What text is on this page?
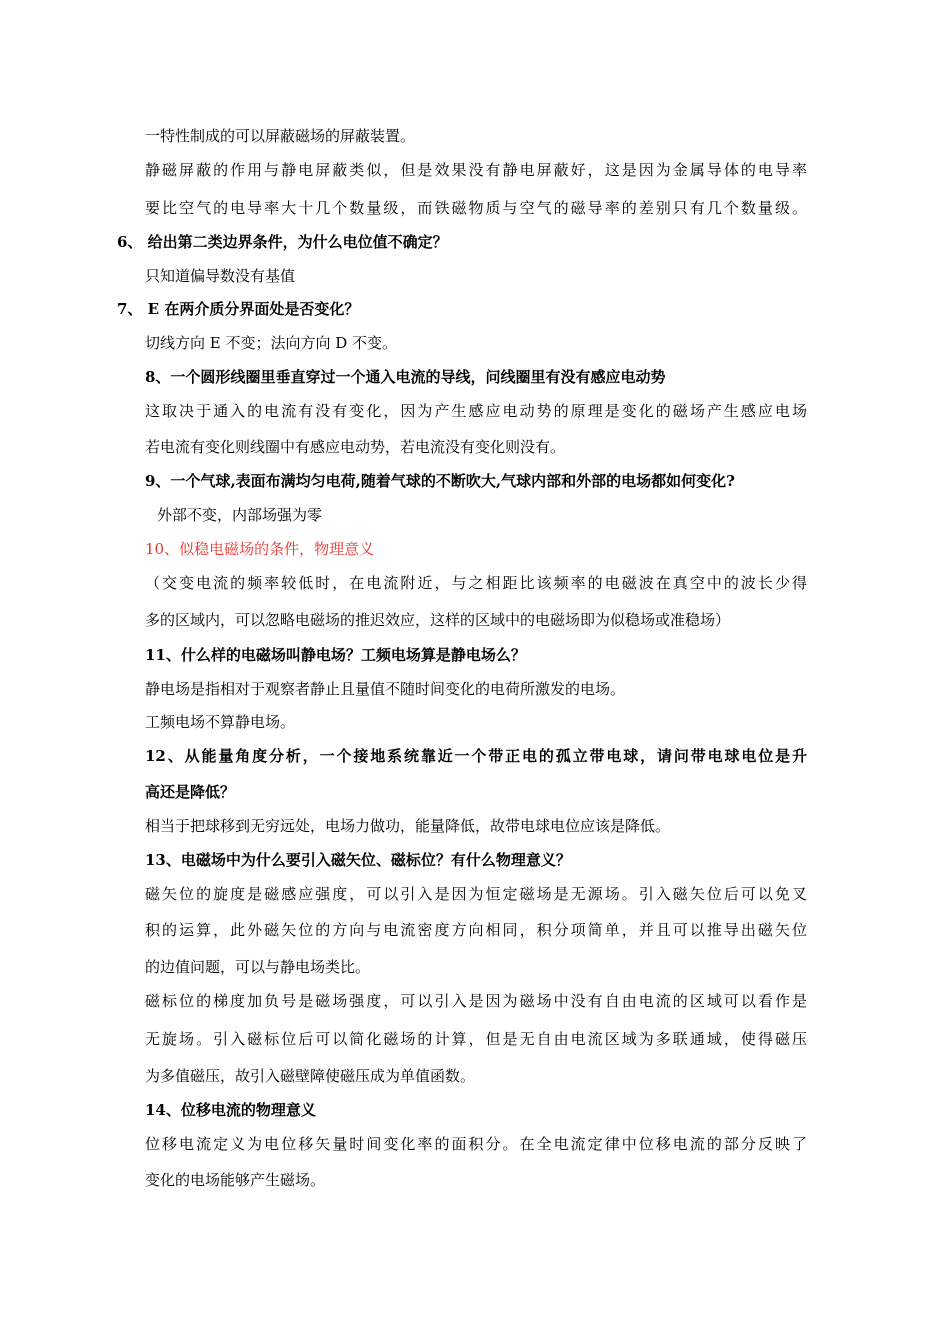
一特性制成的可以屏蔽磁场的屏蔽装置。
静磁屏蔽的作用与静电屏蔽类似，但是效果没有静电屏蔽好，这是因为金属导体的电导率
要比空气的电导率大十几个数量级，而铁磁物质与空气的磁导率的差别只有几个数量级。
6、 给出第二类边界条件，为什么电位值不确定？
只知道偏导数没有基值
7、 E 在两介质分界面处是否变化？
切线方向 E 不变；法向方向 D 不变。
8、一个圆形线圈里垂直穿过一个通入电流的导线，问线圈里有没有感应电动势
这取决于通入的电流有没有变化，因为产生感应电动势的原理是变化的磁场产生感应电场
若电流有变化则线圈中有感应电动势，若电流没有变化则没有。
9、一个气球,表面布满均匀电荷,随着气球的不断吹大,气球内部和外部的电场都如何变化?
外部不变，内部场强为零
10、似稳电磁场的条件，物理意义
（交变电流的频率较低时，在电流附近，与之相距比该频率的电磁波在真空中的波长少得
多的区域内，可以忽略电磁场的推迟效应，这样的区域中的电磁场即为似稳场或准稳场）
11、什么样的电磁场叫静电场？工频电场算是静电场么？
静电场是指相对于观察者静止且量值不随时间变化的电荷所激发的电场。
工频电场不算静电场。
12、从能量角度分析，一个接地系统靠近一个带正电的孤立带电球，请问带电球电位是升
高还是降低？
相当于把球移到无穷远处，电场力做功，能量降低，故带电球电位应该是降低。
13、电磁场中为什么要引入磁矢位、磁标位？有什么物理意义？
磁矢位的旋度是磁感应强度，可以引入是因为恒定磁场是无源场。引入磁矢位后可以免叉
积的运算，此外磁矢位的方向与电流密度方向相同，积分项简单，并且可以推导出磁矢位
的边值问题，可以与静电场类比。
磁标位的梯度加负号是磁场强度，可以引入是因为磁场中没有自由电流的区域可以看作是
无旋场。引入磁标位后可以简化磁场的计算，但是无自由电流区域为多联通域，使得磁压
为多值磁压，故引入磁壁障使磁压成为单值函数。
14、位移电流的物理意义
位移电流定义为电位移矢量时间变化率的面积分。在全电流定律中位移电流的部分反映了
变化的电场能够产生磁场。
